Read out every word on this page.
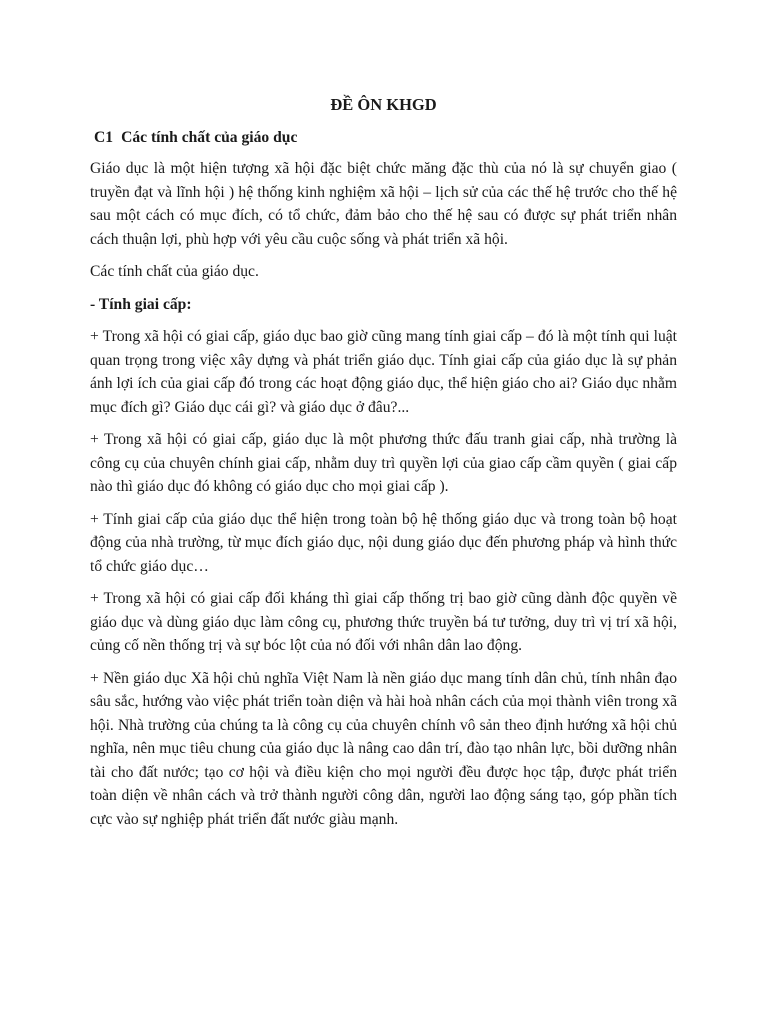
ĐỀ ÔN KHGD
C1 Các tính chất của giáo dục

Giáo dục là một hiện tượng xã hội đặc biệt chức măng đặc thù của nó là sự chuyển giao ( truyền đạt và lĩnh hội ) hệ thống kinh nghiệm xã hội – lịch sử của các thế hệ trước cho thế hệ sau một cách có mục đích, có tổ chức, đảm bảo cho thế hệ sau có được sự phát triển nhân cách thuận lợi, phù hợp với yêu cầu cuộc sống và phát triển xã hội.

Các tính chất của giáo dục.

- Tính giai cấp:

+ Trong xã hội có giai cấp, giáo dục bao giờ cũng mang tính giai cấp – đó là một tính qui luật quan trọng trong việc xây dựng và phát triển giáo dục. Tính giai cấp của giáo dục là sự phản ánh lợi ích của giai cấp đó trong các hoạt động giáo dục, thể hiện giáo cho ai? Giáo dục nhằm mục đích gì? Giáo dục cái gì? và giáo dục ở đâu?...

+ Trong xã hội có giai cấp, giáo dục là một phương thức đấu tranh giai cấp, nhà trường là công cụ của chuyên chính giai cấp, nhằm duy trì quyền lợi của giao cấp cầm quyền ( giai cấp nào thì giáo dục đó không có giáo dục cho mọi giai cấp ).

+ Tính giai cấp của giáo dục thể hiện trong toàn bộ hệ thống giáo dục và trong toàn bộ hoạt động của nhà trường, từ mục đích giáo dục, nội dung giáo dục đến phương pháp và hình thức tổ chức giáo dục…

+ Trong xã hội có giai cấp đối kháng thì giai cấp thống trị bao giờ cũng dành độc quyền về giáo dục và dùng giáo dục làm công cụ, phương thức truyền bá tư tưởng, duy trì vị trí xã hội, củng cố nền thống trị và sự bóc lột của nó đối với nhân dân lao động.

+ Nền giáo dục Xã hội chủ nghĩa Việt Nam là nền giáo dục mang tính dân chủ, tính nhân đạo sâu sắc, hướng vào việc phát triển toàn diện và hài hoà nhân cách của mọi thành viên trong xã hội. Nhà trường của chúng ta là công cụ của chuyên chính vô sản theo định hướng xã hội chủ nghĩa, nên mục tiêu chung của giáo dục là nâng cao dân trí, đào tạo nhân lực, bồi dưỡng nhân tài cho đất nước; tạo cơ hội và điều kiện cho mọi người đều được học tập, được phát triển toàn diện về nhân cách và trở thành người công dân, người lao động sáng tạo, góp phần tích cực vào sự nghiệp phát triển đất nước giàu mạnh.
